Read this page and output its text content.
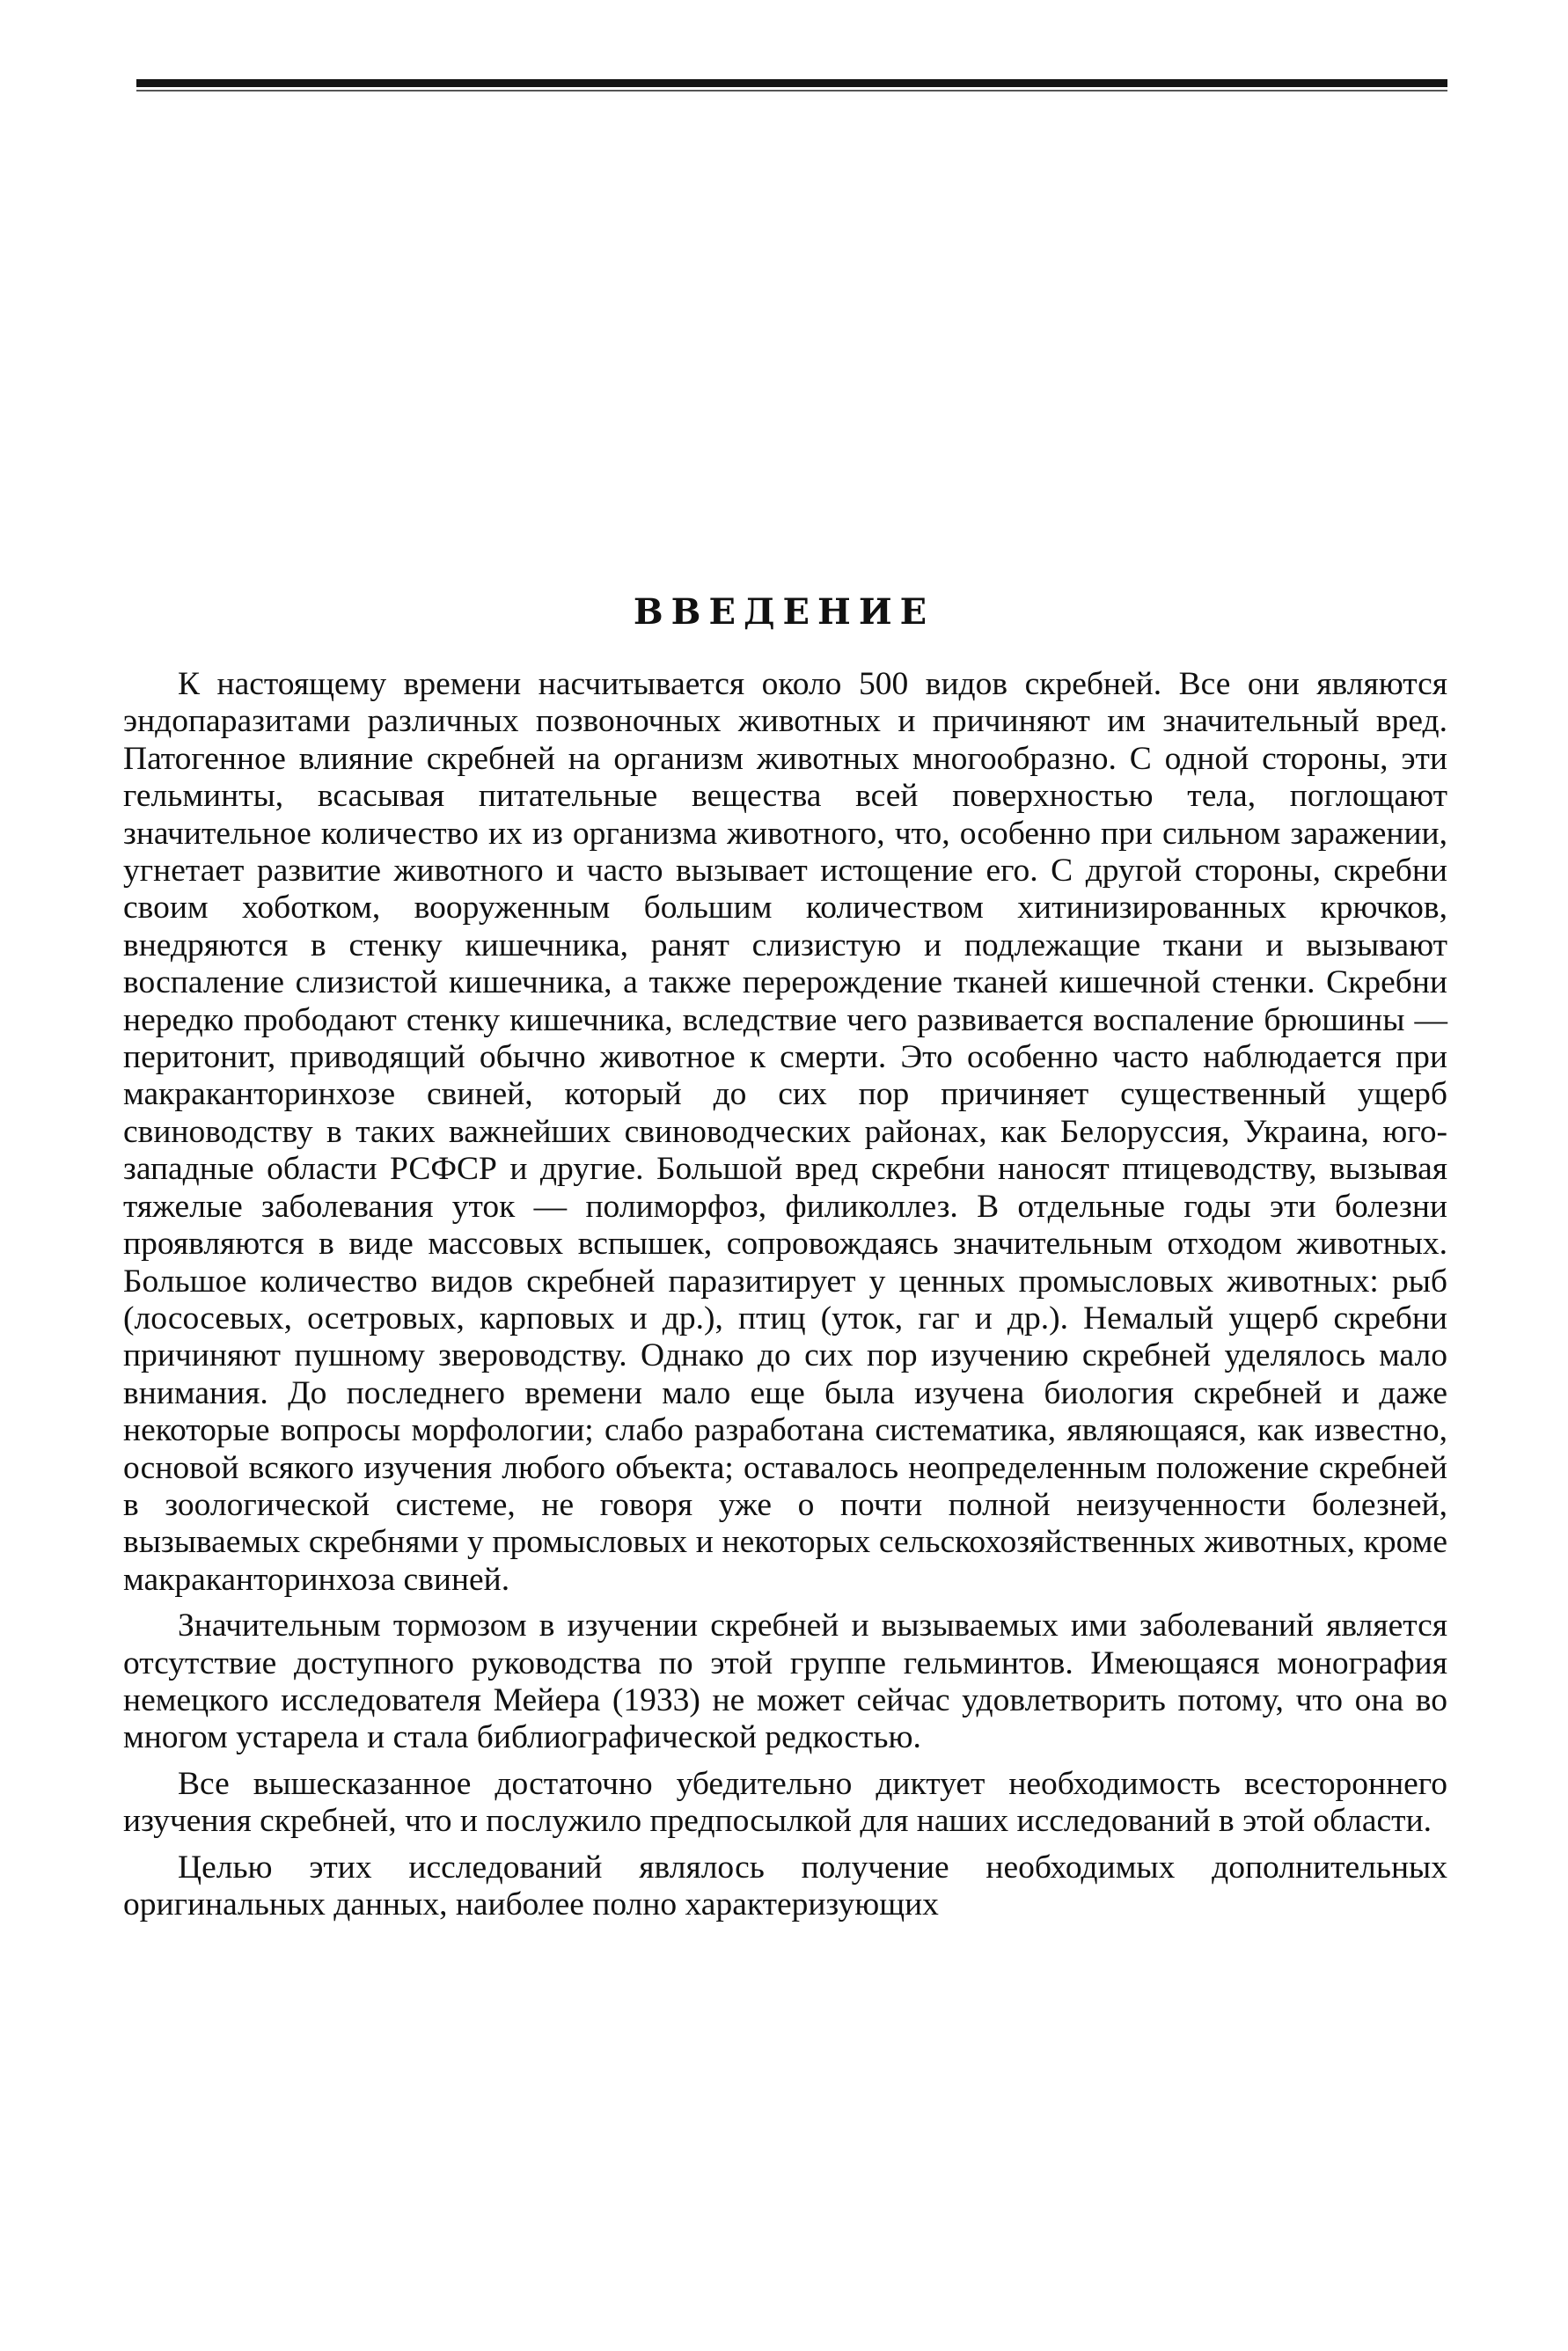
ВВЕДЕНИЕ

К настоящему времени насчитывается около 500 видов скребней. Все они являются эндопаразитами различных позвоночных животных и причиняют им значительный вред. Патогенное влияние скребней на организм животных многообразно. С одной стороны, эти гельминты, всасывая питательные вещества всей поверхностью тела, поглощают значительное количество их из организма животного, что, особенно при сильном заражении, угнетает развитие животного и часто вызывает истощение его. С другой стороны, скребни своим хоботком, вооруженным большим количеством хитинизированных крючков, внедряются в стенку кишечника, ранят слизистую и подлежащие ткани и вызывают воспаление слизистой кишечника, а также перерождение тканей кишечной стенки. Скребни нередко прободают стенку кишечника, вследствие чего развивается воспаление брюшины — перитонит, приводящий обычно животное к смерти. Это особенно часто наблюдается при макраканторинхозе свиней, который до сих пор причиняет существенный ущерб свиноводству в таких важнейших свиноводческих районах, как Белоруссия, Украина, юго-западные области РСФСР и другие. Большой вред скребни наносят птицеводству, вызывая тяжелые заболевания уток — полиморфоз, филиколлез. В отдельные годы эти болезни проявляются в виде массовых вспышек, сопровождаясь значительным отходом животных. Большое количество видов скребней паразитирует у ценных промысловых животных: рыб (лососевых, осетровых, карповых и др.), птиц (уток, гаг и др.). Немалый ущерб скребни причиняют пушному звероводству. Однако до сих пор изучению скребней уделялось мало внимания. До последнего времени мало еще была изучена биология скребней и даже некоторые вопросы морфологии; слабо разработана систематика, являющаяся, как известно, основой всякого изучения любого объекта; оставалось неопределенным положение скребней в зоологической системе, не говоря уже о почти полной неизученности болезней, вызываемых скребнями у промысловых и некоторых сельскохозяйственных животных, кроме макраканторинхоза свиней.

Значительным тормозом в изучении скребней и вызываемых ими заболеваний является отсутствие доступного руководства по этой группе гельминтов. Имеющаяся монография немецкого исследователя Мейера (1933) не может сейчас удовлетворить потому, что она во многом устарела и стала библиографической редкостью.

Все вышесказанное достаточно убедительно диктует необходимость всестороннего изучения скребней, что и послужило предпосылкой для наших исследований в этой области.

Целью этих исследований являлось получение необходимых дополнительных оригинальных данных, наиболее полно характеризующих
